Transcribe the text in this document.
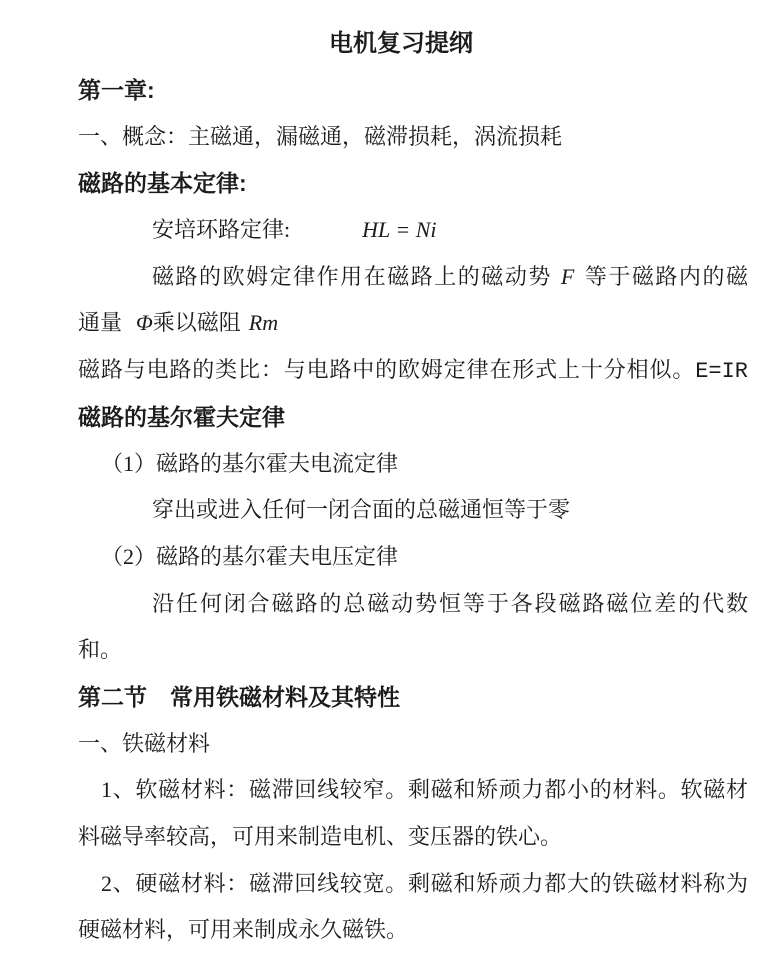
电机复习提纲
第一章:
一、概念：主磁通，漏磁通，磁滞损耗，涡流损耗
磁路的基本定律:
安培环路定律:	HL = Ni
磁路的欧姆定律作用在磁路上的磁动势 F 等于磁路内的磁
通量 Φ乘以磁阻 Rm
磁路与电路的类比：与电路中的欧姆定律在形式上十分相似。E=IR
磁路的基尔霍夫定律
（1）磁路的基尔霍夫电流定律
穿出或进入任何一闭合面的总磁通恒等于零
（2）磁路的基尔霍夫电压定律
沿任何闭合磁路的总磁动势恒等于各段磁路磁位差的代数
和。
第二节　常用铁磁材料及其特性
一、铁磁材料
1、软磁材料：磁滞回线较窄。剩磁和矫顽力都小的材料。软磁材
料磁导率较高，可用来制造电机、变压器的铁心。
2、硬磁材料：磁滞回线较宽。剩磁和矫顽力都大的铁磁材料称为
硬磁材料，可用来制成永久磁铁。
